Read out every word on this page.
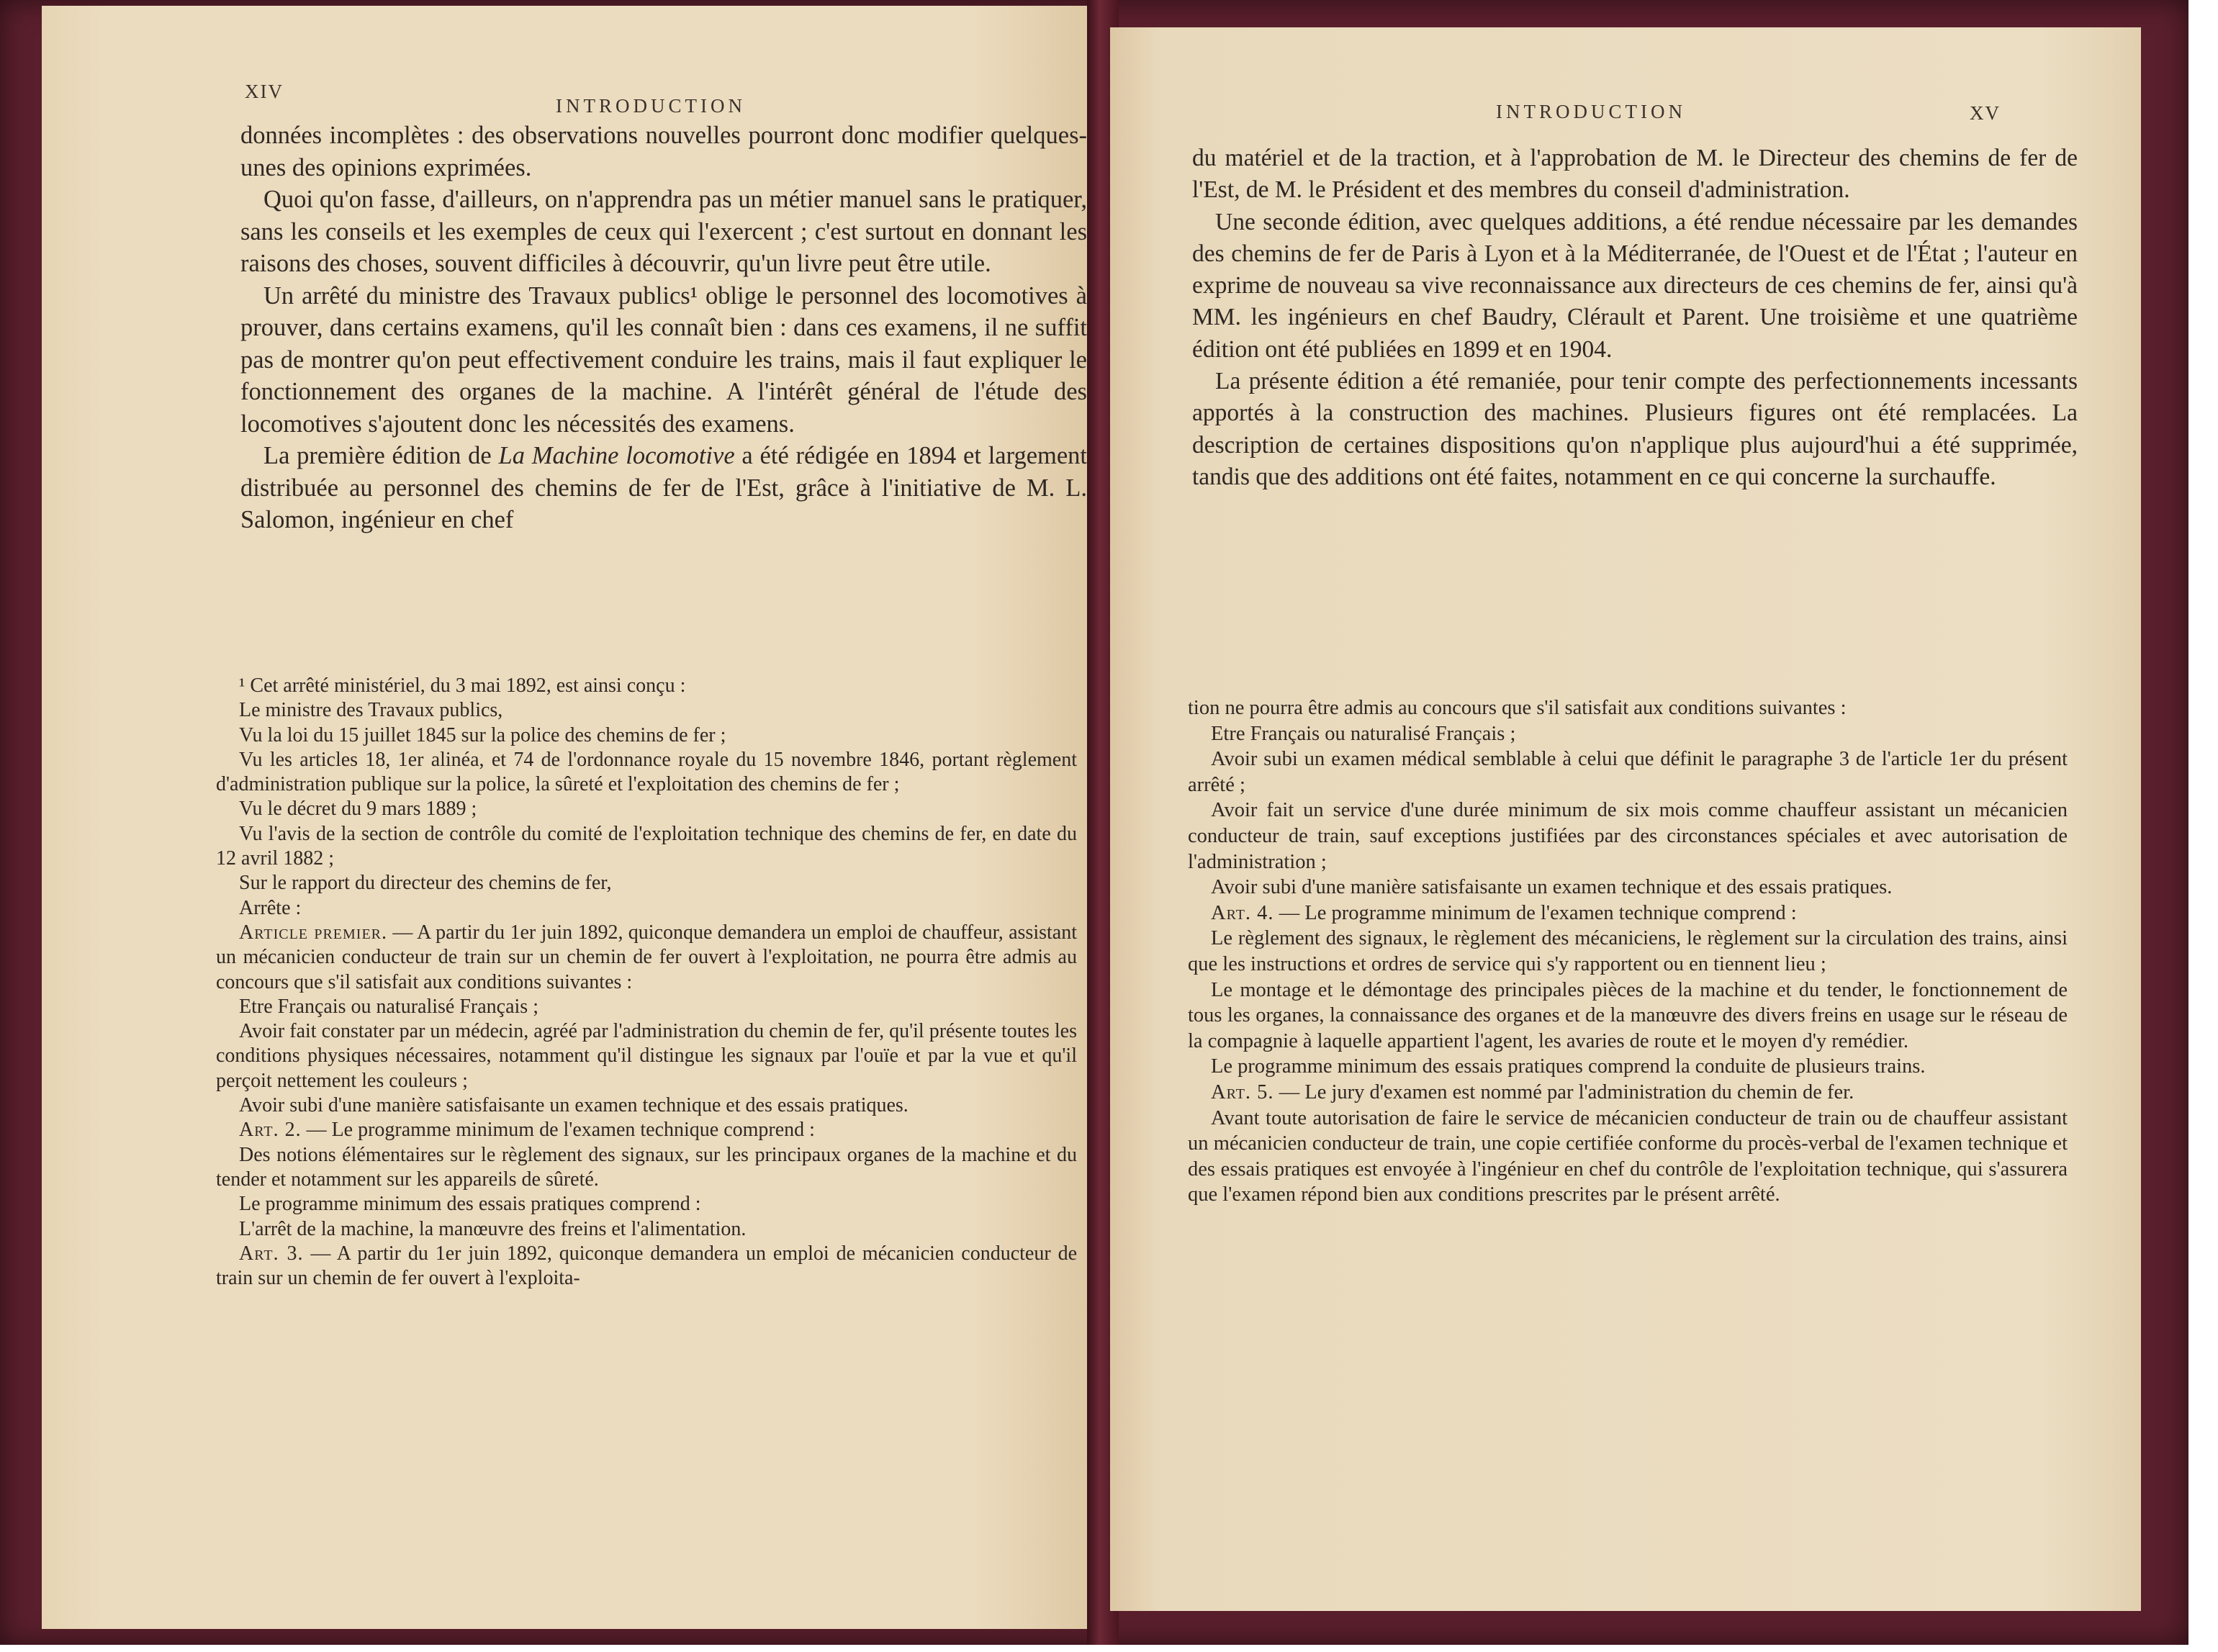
XIV
INTRODUCTION

données incomplètes : des observations nouvelles pourront donc modifier quelques-unes des opinions exprimées.

Quoi qu'on fasse, d'ailleurs, on n'apprendra pas un métier manuel sans le pratiquer, sans les conseils et les exemples de ceux qui l'exercent ; c'est surtout en donnant les raisons des choses, souvent difficiles à découvrir, qu'un livre peut être utile.

Un arrêté du ministre des Travaux publics¹ oblige le personnel des locomotives à prouver, dans certains examens, qu'il les connaît bien : dans ces examens, il ne suffit pas de montrer qu'on peut effectivement conduire les trains, mais il faut expliquer le fonctionnement des organes de la machine. A l'intérêt général de l'étude des locomotives s'ajoutent donc les nécessités des examens.

La première édition de La Machine locomotive a été rédigée en 1894 et largement distribuée au personnel des chemins de fer de l'Est, grâce à l'initiative de M. L. Salomon, ingénieur en chef

¹ Cet arrêté ministériel, du 3 mai 1892, est ainsi conçu :

Le ministre des Travaux publics,

Vu la loi du 15 juillet 1845 sur la police des chemins de fer ;

Vu les articles 18, 1er alinéa, et 74 de l'ordonnance royale du 15 novembre 1846, portant règlement d'administration publique sur la police, la sûreté et l'exploitation des chemins de fer ;

Vu le décret du 9 mars 1889 ;

Vu l'avis de la section de contrôle du comité de l'exploitation technique des chemins de fer, en date du 12 avril 1882 ;

Sur le rapport du directeur des chemins de fer,

Arrête :

Article premier. — A partir du 1er juin 1892, quiconque demandera un emploi de chauffeur, assistant un mécanicien conducteur de train sur un chemin de fer ouvert à l'exploitation, ne pourra être admis au concours que s'il satisfait aux conditions suivantes :

Etre Français ou naturalisé Français ;

Avoir fait constater par un médecin, agréé par l'administration du chemin de fer, qu'il présente toutes les conditions physiques nécessaires, notamment qu'il distingue les signaux par l'ouïe et par la vue et qu'il perçoit nettement les couleurs ;

Avoir subi d'une manière satisfaisante un examen technique et des essais pratiques.

Art. 2. — Le programme minimum de l'examen technique comprend :

Des notions élémentaires sur le règlement des signaux, sur les principaux organes de la machine et du tender et notamment sur les appareils de sûreté.

Le programme minimum des essais pratiques comprend :

L'arrêt de la machine, la manœuvre des freins et l'alimentation.

Art. 3. — A partir du 1er juin 1892, quiconque demandera un emploi de mécanicien conducteur de train sur un chemin de fer ouvert à l'exploita-

INTRODUCTION	XV

du matériel et de la traction, et à l'approbation de M. le Directeur des chemins de fer de l'Est, de M. le Président et des membres du conseil d'administration.

Une seconde édition, avec quelques additions, a été rendue nécessaire par les demandes des chemins de fer de Paris à Lyon et à la Méditerranée, de l'Ouest et de l'État ; l'auteur en exprime de nouveau sa vive reconnaissance aux directeurs de ces chemins de fer, ainsi qu'à MM. les ingénieurs en chef Baudry, Clérault et Parent. Une troisième et une quatrième édition ont été publiées en 1899 et en 1904.

La présente édition a été remaniée, pour tenir compte des perfectionnements incessants apportés à la construction des machines. Plusieurs figures ont été remplacées. La description de certaines dispositions qu'on n'applique plus aujourd'hui a été supprimée, tandis que des additions ont été faites, notamment en ce qui concerne la surchauffe.

tion ne pourra être admis au concours que s'il satisfait aux conditions suivantes :

Etre Français ou naturalisé Français ;

Avoir subi un examen médical semblable à celui que définit le paragraphe 3 de l'article 1er du présent arrêté ;

Avoir fait un service d'une durée minimum de six mois comme chauffeur assistant un mécanicien conducteur de train, sauf exceptions justifiées par des circonstances spéciales et avec autorisation de l'administration ;

Avoir subi d'une manière satisfaisante un examen technique et des essais pratiques.

Art. 4. — Le programme minimum de l'examen technique comprend :

Le règlement des signaux, le règlement des mécaniciens, le règlement sur la circulation des trains, ainsi que les instructions et ordres de service qui s'y rapportent ou en tiennent lieu ;

Le montage et le démontage des principales pièces de la machine et du tender, le fonctionnement de tous les organes, la connaissance des organes et de la manœuvre des divers freins en usage sur le réseau de la compagnie à laquelle appartient l'agent, les avaries de route et le moyen d'y remédier.

Le programme minimum des essais pratiques comprend la conduite de plusieurs trains.

Art. 5. — Le jury d'examen est nommé par l'administration du chemin de fer.

Avant toute autorisation de faire le service de mécanicien conducteur de train ou de chauffeur assistant un mécanicien conducteur de train, une copie certifiée conforme du procès-verbal de l'examen technique et des essais pratiques est envoyée à l'ingénieur en chef du contrôle de l'exploitation technique, qui s'assurera que l'examen répond bien aux conditions prescrites par le présent arrêté.
